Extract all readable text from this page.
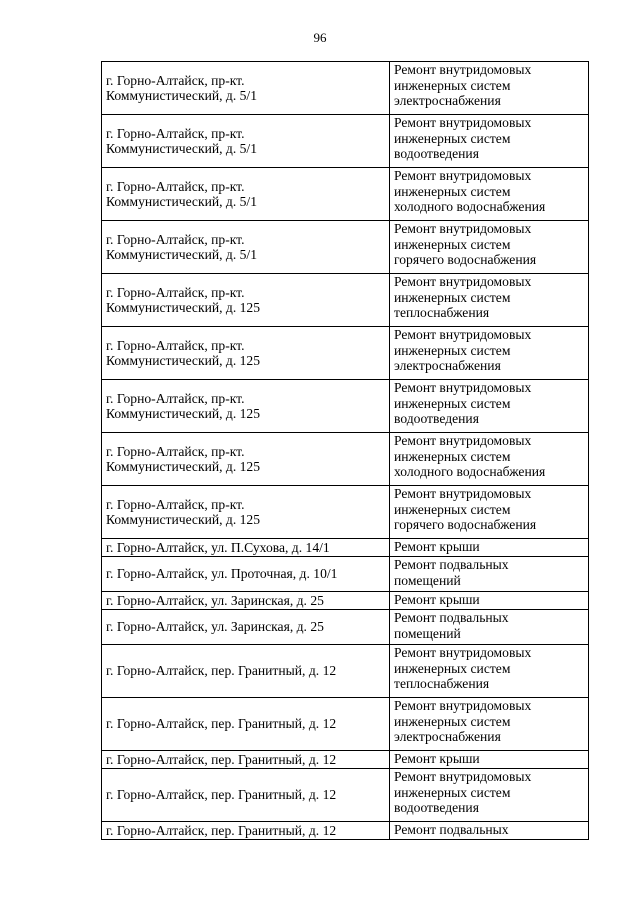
96
г. Горно-Алтайск, пр-кт.
Коммунистический, д. 5/1	Ремонт внутридомовых
инженерных систем
электроснабжения

г. Горно-Алтайск, пр-кт.
Коммунистический, д. 5/1	Ремонт внутридомовых
инженерных систем
водоотведения

г. Горно-Алтайск, пр-кт.
Коммунистический, д. 5/1	Ремонт внутридомовых
инженерных систем
холодного водоснабжения

г. Горно-Алтайск, пр-кт.
Коммунистический, д. 5/1	Ремонт внутридомовых
инженерных систем
горячего водоснабжения

г. Горно-Алтайск, пр-кт.
Коммунистический, д. 125	Ремонт внутридомовых
инженерных систем
теплоснабжения

г. Горно-Алтайск, пр-кт.
Коммунистический, д. 125	Ремонт внутридомовых
инженерных систем
электроснабжения

г. Горно-Алтайск, пр-кт.
Коммунистический, д. 125	Ремонт внутридомовых
инженерных систем
водоотведения

г. Горно-Алтайск, пр-кт.
Коммунистический, д. 125	Ремонт внутридомовых
инженерных систем
холодного водоснабжения

г. Горно-Алтайск, пр-кт.
Коммунистический, д. 125	Ремонт внутридомовых
инженерных систем
горячего водоснабжения

г. Горно-Алтайск, ул. П.Сухова, д. 14/1	Ремонт крыши

г. Горно-Алтайск, ул. Проточная, д. 10/1	Ремонт подвальных
помещений

г. Горно-Алтайск, ул. Заринская, д. 25	Ремонт крыши

г. Горно-Алтайск, ул. Заринская, д. 25	Ремонт подвальных
помещений

г. Горно-Алтайск, пер. Гранитный, д. 12	Ремонт внутридомовых
инженерных систем
теплоснабжения

г. Горно-Алтайск, пер. Гранитный, д. 12	Ремонт внутридомовых
инженерных систем
электроснабжения

г. Горно-Алтайск, пер. Гранитный, д. 12	Ремонт крыши

г. Горно-Алтайск, пер. Гранитный, д. 12	Ремонт внутридомовых
инженерных систем
водоотведения

г. Горно-Алтайск, пер. Гранитный, д. 12	Ремонт подвальных
